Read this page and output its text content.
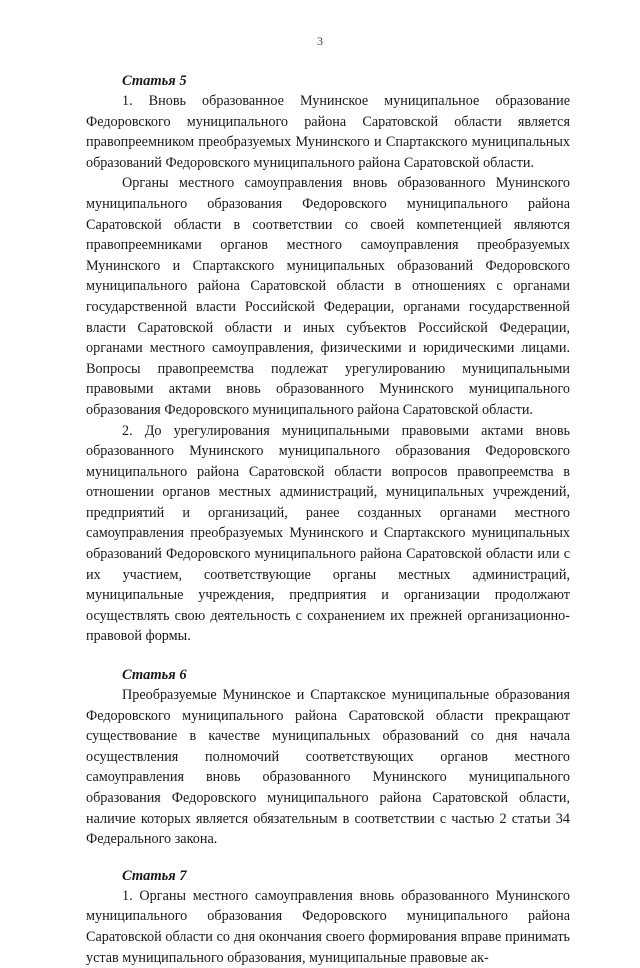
3
Статья 5

1. Вновь образованное Мунинское муниципальное образование Федоровского муниципального района Саратовской области является правопреемником преобразуемых Мунинского и Спартакского муниципальных образований Федоровского муниципального района Саратовской области.

Органы местного самоуправления вновь образованного Мунинского муниципального образования Федоровского муниципального района Саратовской области в соответствии со своей компетенцией являются правопреемниками органов местного самоуправления преобразуемых Мунинского и Спартакского муниципальных образований Федоровского муниципального района Саратовской области в отношениях с органами государственной власти Российской Федерации, органами государственной власти Саратовской области и иных субъектов Российской Федерации, органами местного самоуправления, физическими и юридическими лицами. Вопросы правопреемства подлежат урегулированию муниципальными правовыми актами вновь образованного Мунинского муниципального образования Федоровского муниципального района Саратовской области.

2. До урегулирования муниципальными правовыми актами вновь образованного Мунинского муниципального образования Федоровского муниципального района Саратовской области вопросов правопреемства в отношении органов местных администраций, муниципальных учреждений, предприятий и организаций, ранее созданных органами местного самоуправления преобразуемых Мунинского и Спартакского муниципальных образований Федоровского муниципального района Саратовской области или с их участием, соответствующие органы местных администраций, муниципальные учреждения, предприятия и организации продолжают осуществлять свою деятельность с сохранением их прежней организационно-правовой формы.

Статья 6

Преобразуемые Мунинское и Спартакское муниципальные образования Федоровского муниципального района Саратовской области прекращают существование в качестве муниципальных образований со дня начала осуществления полномочий соответствующих органов местного самоуправления вновь образованного Мунинского муниципального образования Федоровского муниципального района Саратовской области, наличие которых является обязательным в соответствии с частью 2 статьи 34 Федерального закона.

Статья 7

1. Органы местного самоуправления вновь образованного Мунинского муниципального образования Федоровского муниципального района Саратовской области со дня окончания своего формирования вправе принимать устав муниципального образования, муниципальные правовые ак-
